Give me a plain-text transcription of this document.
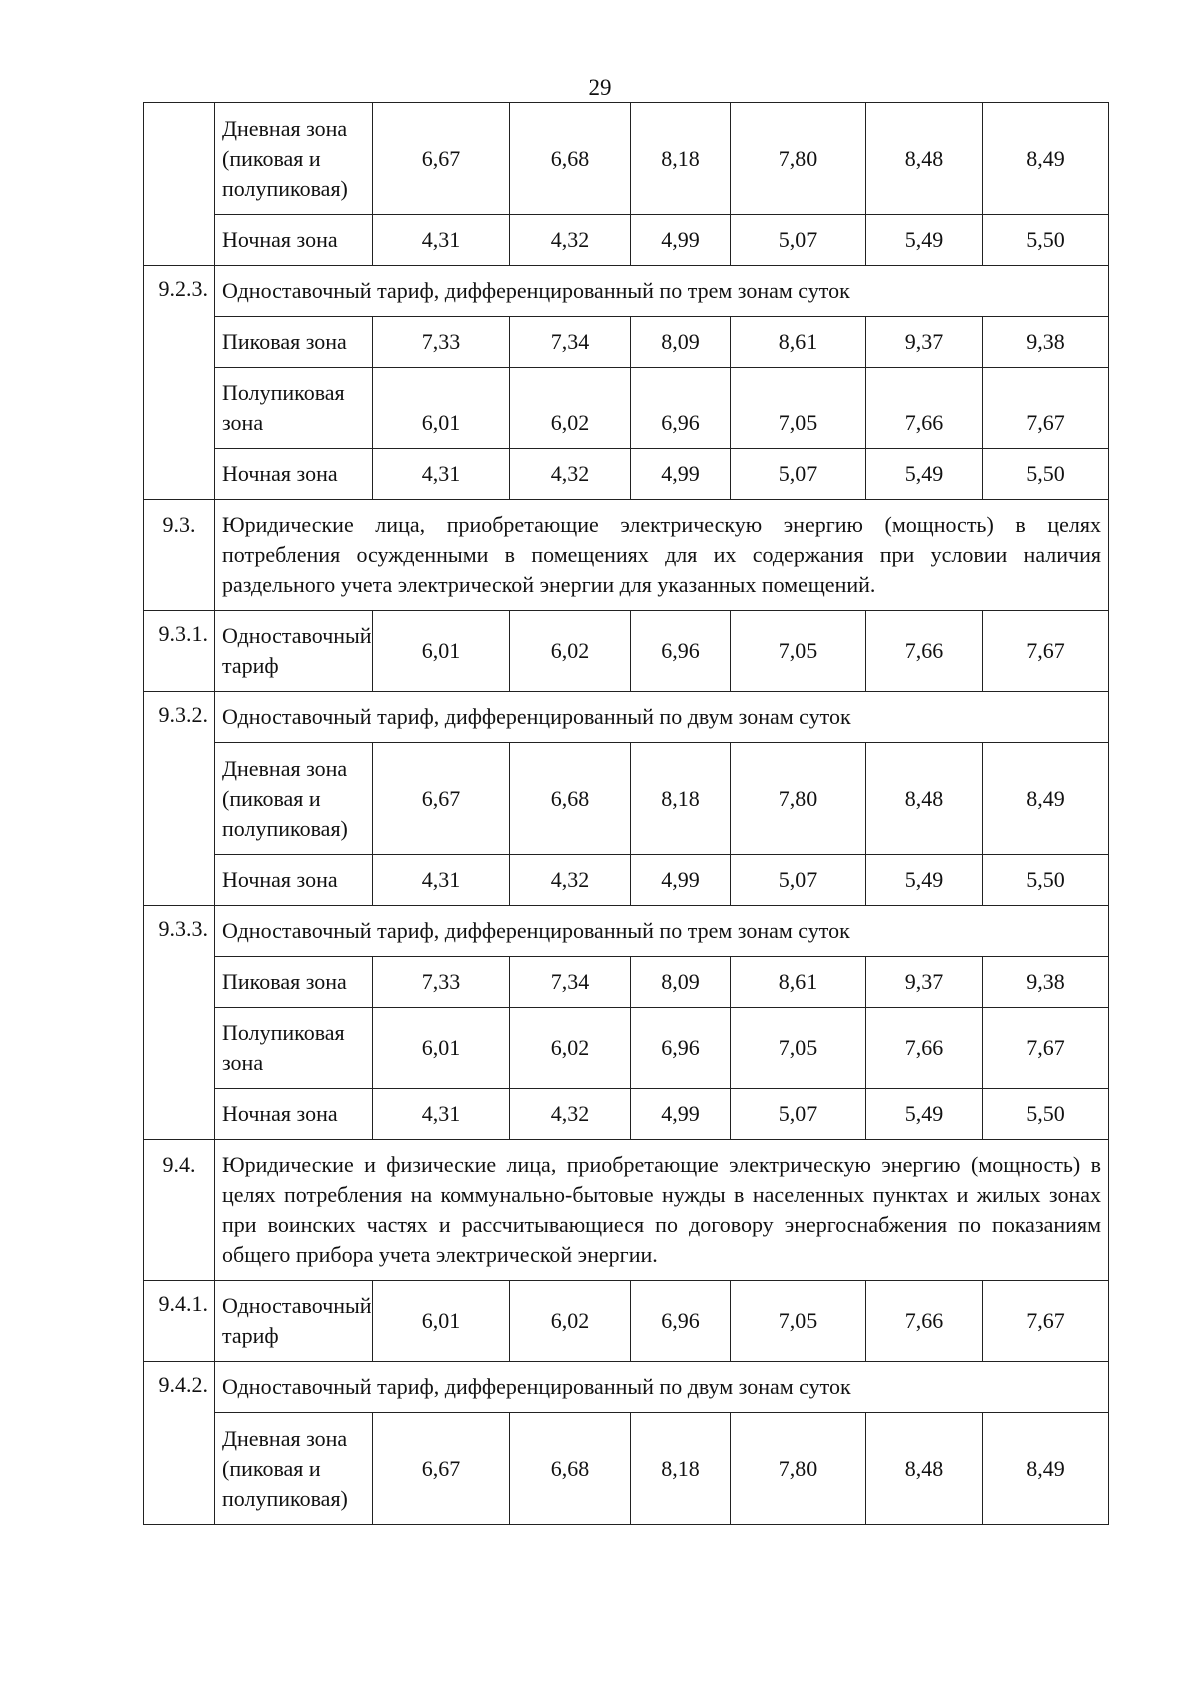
29
	Дневная зона (пиковая и полупиковая)	6,67	6,68	8,18	7,80	8,48	8,49
	Ночная зона	4,31	4,32	4,99	5,07	5,49	5,50
9.2.3.	Одноставочный тариф, дифференцированный по трем зонам суток						
	Пиковая зона	7,33	7,34	8,09	8,61	9,37	9,38
	Полупиковая зона	6,01	6,02	6,96	7,05	7,66	7,67
	Ночная зона	4,31	4,32	4,99	5,07	5,49	5,50
9.3.	Юридические лица, приобретающие электрическую энергию (мощность) в целях потребления осужденными в помещениях для их содержания при условии наличия раздельного учета электрической энергии для указанных помещений.						
9.3.1.	Одноставочный тариф	6,01	6,02	6,96	7,05	7,66	7,67
9.3.2.	Одноставочный тариф, дифференцированный по двум зонам суток						
	Дневная зона (пиковая и полупиковая)	6,67	6,68	8,18	7,80	8,48	8,49
	Ночная зона	4,31	4,32	4,99	5,07	5,49	5,50
9.3.3.	Одноставочный тариф, дифференцированный по трем зонам суток						
	Пиковая зона	7,33	7,34	8,09	8,61	9,37	9,38
	Полупиковая зона	6,01	6,02	6,96	7,05	7,66	7,67
	Ночная зона	4,31	4,32	4,99	5,07	5,49	5,50
9.4.	Юридические и физические лица, приобретающие электрическую энергию (мощность) в целях потребления на коммунально-бытовые нужды в населенных пунктах и жилых зонах при воинских частях и рассчитывающиеся по договору энергоснабжения по показаниям общего прибора учета электрической энергии.						
9.4.1.	Одноставочный тариф	6,01	6,02	6,96	7,05	7,66	7,67
9.4.2.	Одноставочный тариф, дифференцированный по двум зонам суток						
	Дневная зона (пиковая и полупиковая)	6,67	6,68	8,18	7,80	8,48	8,49
